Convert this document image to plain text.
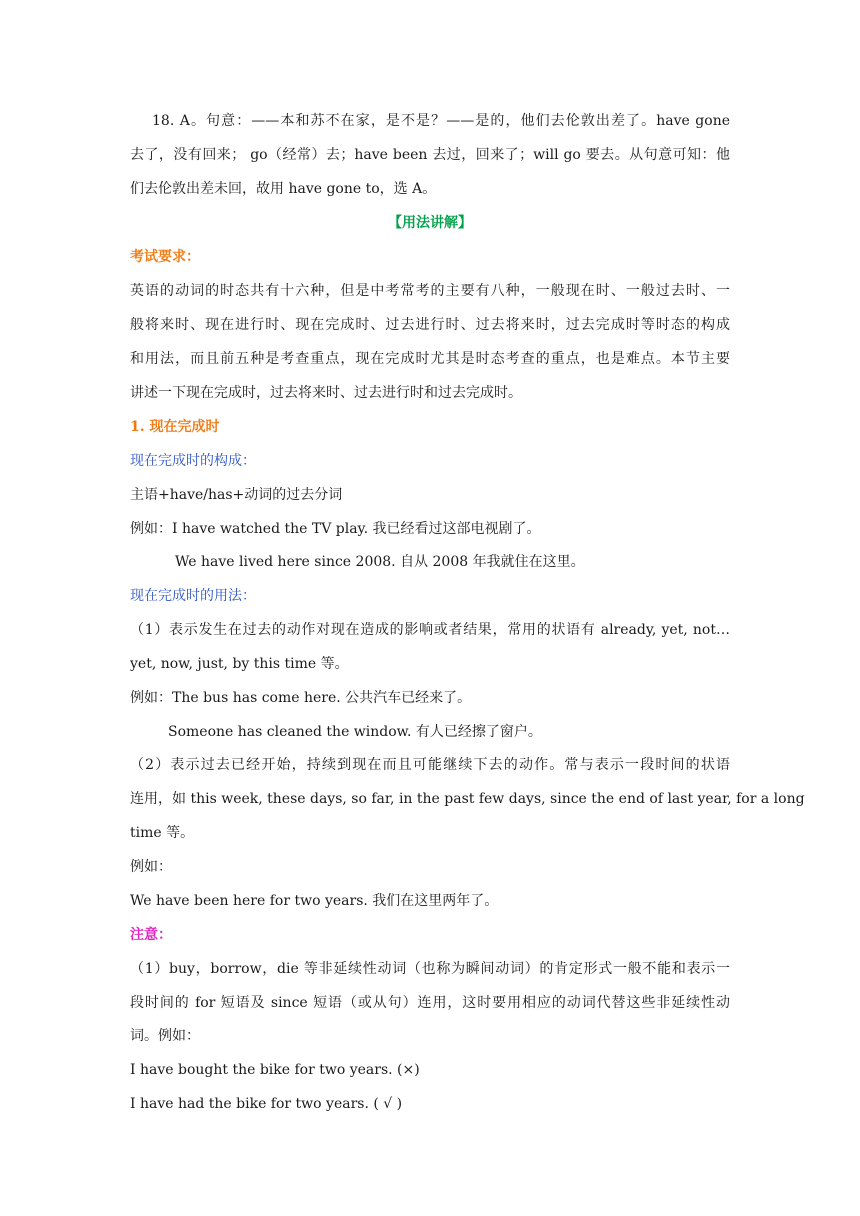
18. A。句意：——本和苏不在家，是不是？——是的，他们去伦敦出差了。have gone
去了，没有回来； go（经常）去；have been 去过，回来了；will go 要去。从句意可知：他
们去伦敦出差未回，故用 have gone to，选 A。
【用法讲解】
考试要求：
英语的动词的时态共有十六种，但是中考常考的主要有八种，一般现在时、一般过去时、一
般将来时、现在进行时、现在完成时、过去进行时、过去将来时，过去完成时等时态的构成
和用法，而且前五种是考查重点，现在完成时尤其是时态考查的重点，也是难点。本节主要
讲述一下现在完成时，过去将来时、过去进行时和过去完成时。
1. 现在完成时
现在完成时的构成：
主语+have/has+动词的过去分词
例如：I have watched the TV play. 我已经看过这部电视剧了。
We have lived here since 2008. 自从 2008 年我就住在这里。
现在完成时的用法：
（1）表示发生在过去的动作对现在造成的影响或者结果，常用的状语有 already, yet, not…
yet, now, just, by this time 等。
例如：The bus has come here. 公共汽车已经来了。
Someone has cleaned the window. 有人已经擦了窗户。
（2）表示过去已经开始，持续到现在而且可能继续下去的动作。常与表示一段时间的状语
连用，如 this week, these days, so far, in the past few days, since the end of last year, for a long
time 等。
例如：
We have been here for two years. 我们在这里两年了。
注意：
（1）buy，borrow，die 等非延续性动词（也称为瞬间动词）的肯定形式一般不能和表示一
段时间的 for 短语及 since 短语（或从句）连用，这时要用相应的动词代替这些非延续性动
词。例如：
I have bought the bike for two years. (×)
I have had the bike for two years. ( √ )
